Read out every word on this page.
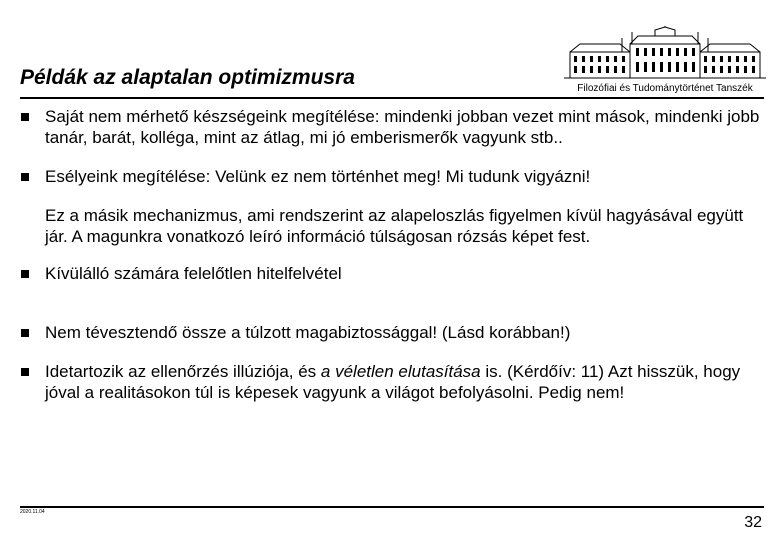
Példák az alaptalan optimizmusra	Filozófiai és Tudománytörténet Tanszék
Saját nem mérhető készségeink megítélése: mindenki jobban vezet mint mások, mindenki jobb tanár, barát, kolléga, mint az átlag, mi jó emberismerők vagyunk stb..
Esélyeink megítélése: Velünk ez nem történhet meg! Mi tudunk vigyázni!
Ez a másik mechanizmus, ami rendszerint az alapeloszlás figyelmen kívül hagyásával együtt jár. A magunkra vonatkozó leíró információ túlságosan rózsás képet fest.
Kívülálló számára felelőtlen hitelfelvétel
Nem tévesztendő össze a túlzott magabiztossággal! (Lásd korábban!)
Idetartozik az ellenőrzés illúziója, és a véletlen elutasítása is. (Kérdőív: 11) Azt hisszük, hogy jóval a realitásokon túl is képesek vagyunk a világot befolyásolni. Pedig nem!
2020.11.04
32
